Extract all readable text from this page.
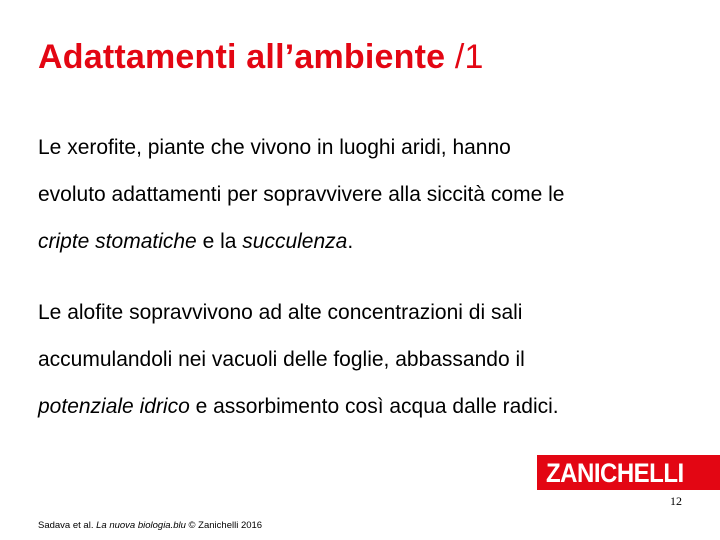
Adattamenti all’ambiente /1
Le xerofite, piante che vivono in luoghi aridi, hanno
evoluto adattamenti per sopravvivere alla siccità come le
cripte stomatiche e la succulenza.
Le alofite sopravvivono ad alte concentrazioni di sali
accumulandoli nei vacuoli delle foglie, abbassando il
potenziale idrico e assorbimento così acqua dalle radici.
ZANICHELLI
12
Sadava et al. La nuova biologia.blu © Zanichelli 2016
